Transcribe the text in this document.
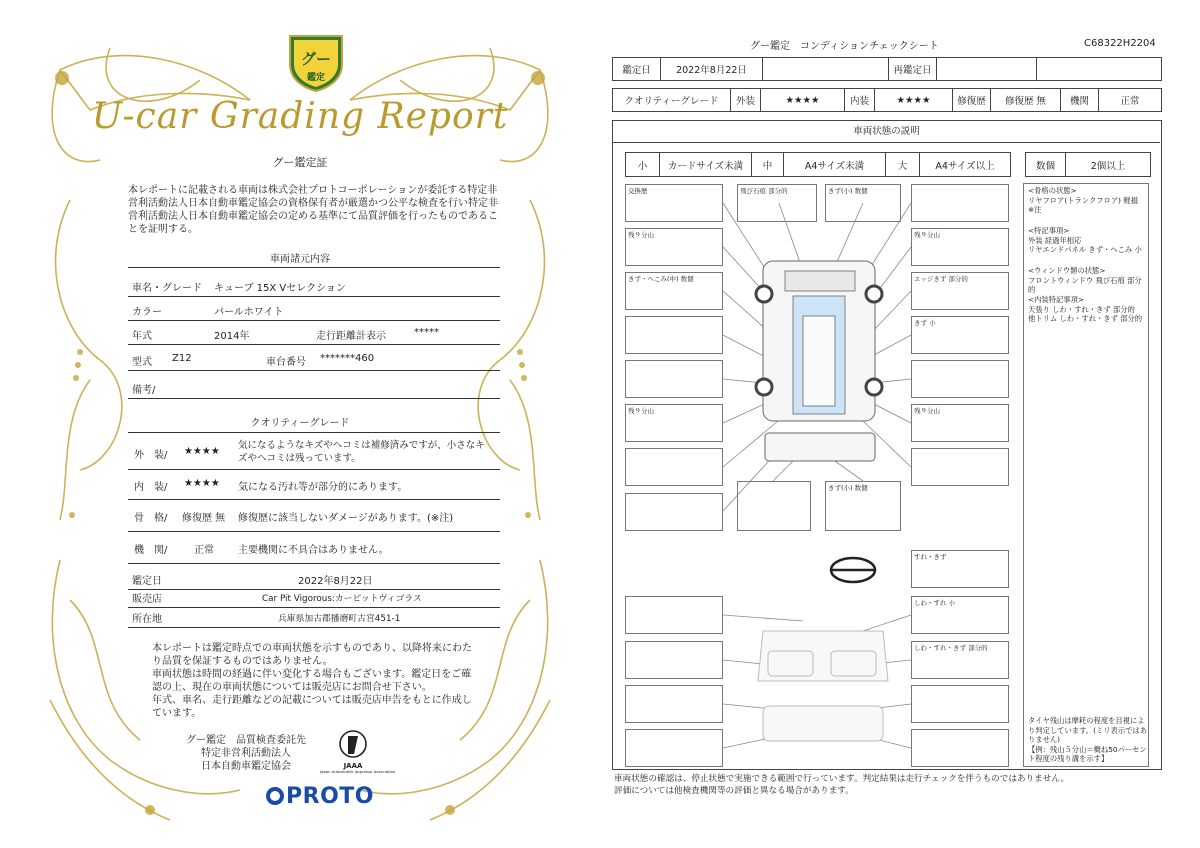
グー
鑑定
U-car Grading Report
グー鑑定証
本レポートに記載される車両は株式会社プロトコーポレーションが委託する特定非営利活動法人日本自動車鑑定協会の資格保有者が厳選かつ公平な検査を行い特定非営利活動法人日本自動車鑑定協会の定める基準にて品質評価を行ったものであることを証明する。
車両諸元内容
車名・グレード キューブ 15X Vセレクション
カラー	パールホワイト
年式	2014年	走行距離計表示	*****
型式 Z12	車台番号 *******460
備考/
クオリティーグレード
外　装/ ★★★★
気になるようなキズやヘコミは補修済みですが、小さなキズやヘコミは残っています。
内　装/ ★★★★ 気になる汚れ等が部分的にあります。
骨　格/ 修復歴 無 修復歴に該当しないダメージがあります。(※注)
機　関/	正常 主要機関に不具合はありません。
鑑定日	2022年8月22日
販売店	Car Pit Vigorous:カーピットヴィゴラス
所在地	兵庫県加古郡播磨町古宮451-1
本レポートは鑑定時点での車両状態を示すものであり、以降将来にわたり品質を保証するものではありません。
車両状態は時間の経過に伴い変化する場合もございます。鑑定日をご確認の上、現在の車両状態については販売店にお問合せ下さい。
年式、車名、走行距離などの記載については販売店申告をもとに作成しています。
グー鑑定　品質検査委託先
特定非営利活動法人
日本自動車鑑定協会	JAAA
Japan Automobile Appraisal Association
PROTO
グー鑑定　コンディションチェックシート	C68322H2204
鑑定日	2022年8月22日	再鑑定日
クオリティーグレード	外装	★★★★	内装	★★★★	修復歴	修復歴 無	機関	正常
車両状態の説明
小	カードサイズ未満	中	A4サイズ未満	大	A4サイズ以上	数個	2個以上
<骨格の状態>
リヤフロア(トランクフロア) 軽損
※注
<特記事項>
外装 経過年相応
リヤエンドパネル きず・へこみ 小
<ウィンドウ類の状態>
フロントウィンドウ 飛び石痕 部分的
<内装特記事項>
天張り しわ・すれ・きず 部分的
他トリム しわ・すれ・きず 部分的
タイヤ残山は摩耗の程度を目視により判定しています。(ミリ表示ではありません)
【例：残山５分山＝概ね50パーセント程度の残り溝を示す】
交換歴	飛び石痕 部分的	きず(小) 数個
残９分山	残９分山
きず・へこみ(中) 数個	エッジきず 部分的
きず 小
残９分山	残９分山
きず(小) 数個
すれ・きず
しわ・すれ 小
しわ・すれ・きず 部分的
車両状態の確認は、停止状態で実施できる範囲で行っています。判定結果は走行チェックを伴うものではありません。
評価については他検査機関等の評価と異なる場合があります。
